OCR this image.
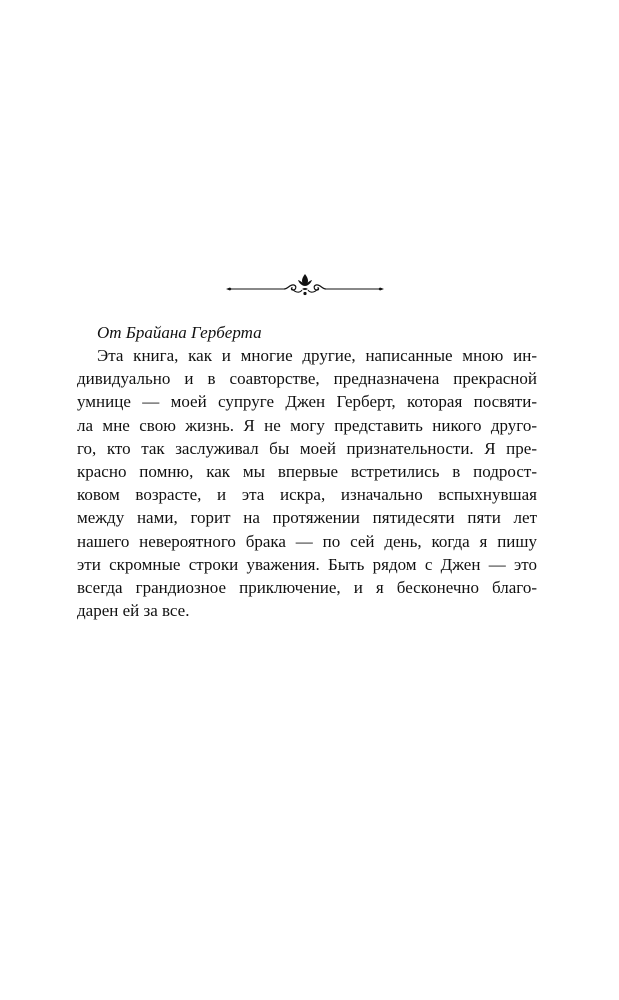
От Брайана Герберта
Эта книга, как и многие другие, написанные мною ин-
дивидуально и в соавторстве, предназначена прекрасной
умнице — моей супруге Джен Герберт, которая посвяти-
ла мне свою жизнь. Я не могу представить никого друго-
го, кто так заслуживал бы моей признательности. Я пре-
красно помню, как мы впервые встретились в подрост-
ковом возрасте, и эта искра, изначально вспыхнувшая
между нами, горит на протяжении пятидесяти пяти лет
нашего невероятного брака — по сей день, когда я пишу
эти скромные строки уважения. Быть рядом с Джен — это
всегда грандиозное приключение, и я бесконечно благо-
дарен ей за все.
